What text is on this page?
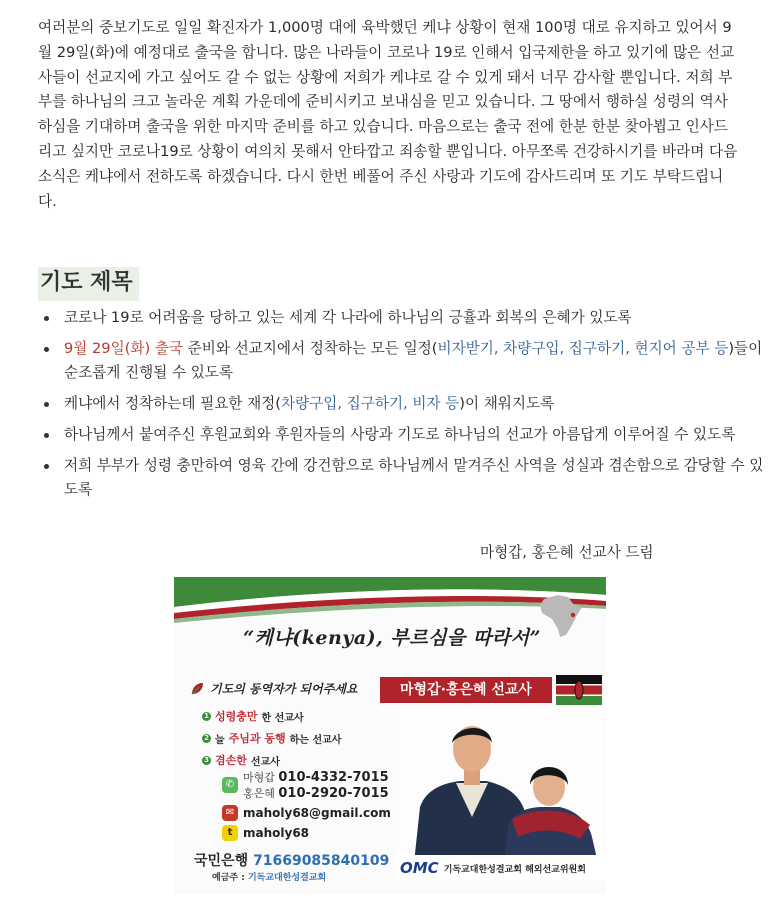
여러분의 중보기도로 일일 확진자가 1,000명 대에 육박했던 케냐 상황이 현재 100명 대로 유지하고 있어서 9월 29일(화)에 예정대로 출국을 합니다. 많은 나라들이 코로나 19로 인해서 입국제한을 하고 있기에 많은 선교사들이 선교지에 가고 싶어도 갈 수 없는 상황에 저희가 케냐로 갈 수 있게 돼서 너무 감사할 뿐입니다. 저희 부부를 하나님의 크고 놀라운 계획 가운데에 준비시키고 보내심을 믿고 있습니다. 그 땅에서 행하실 성령의 역사하심을 기대하며 출국을 위한 마지막 준비를 하고 있습니다. 마음으로는 출국 전에 한분 한분 찾아뵙고 인사드리고 싶지만 코로나19로 상황이 여의치 못해서 안타깝고 죄송할 뿐입니다. 아무쪼록 건강하시기를 바라며 다음 소식은 케냐에서 전하도록 하겠습니다. 다시 한번 베풀어 주신 사랑과 기도에 감사드리며 또 기도 부탁드립니다.

기도 제목
코로나 19로 어려움을 당하고 있는 세계 각 나라에 하나님의 긍휼과 회복의 은혜가 있도록
9월 29일(화) 출국 준비와 선교지에서 정착하는 모든 일정(비자받기, 차량구입, 집구하기, 현지어 공부 등)들이 순조롭게 진행될 수 있도록
케냐에서 정착하는데 필요한 재정(차량구입, 집구하기, 비자 등)이 채워지도록
하나님께서 붙여주신 후원교회와 후원자들의 사랑과 기도로 하나님의 선교가 아름답게 이루어질 수 있도록
저희 부부가 성령 충만하여 영육 간에 강건함으로 하나님께서 맡겨주신 사역을 성실과 겸손함으로 감당할 수 있도록
마형갑, 홍은혜 선교사 드림
“케냐(kenya), 부르심을 따라서”
기도의 동역자가 되어주세요	마형갑·홍은혜 선교사
1 성령충만 한 선교사
2 늘 주님과 동행 하는 선교사
3 겸손한 선교사
✆
마형갑 010-4332-7015
홍은혜 010-2920-7015
✉ maholy68@gmail.com
t maholy68
국민은행 71669085840109
예금주 : 기독교대한성결교회
OMC 기독교대한성결교회 해외선교위원회
